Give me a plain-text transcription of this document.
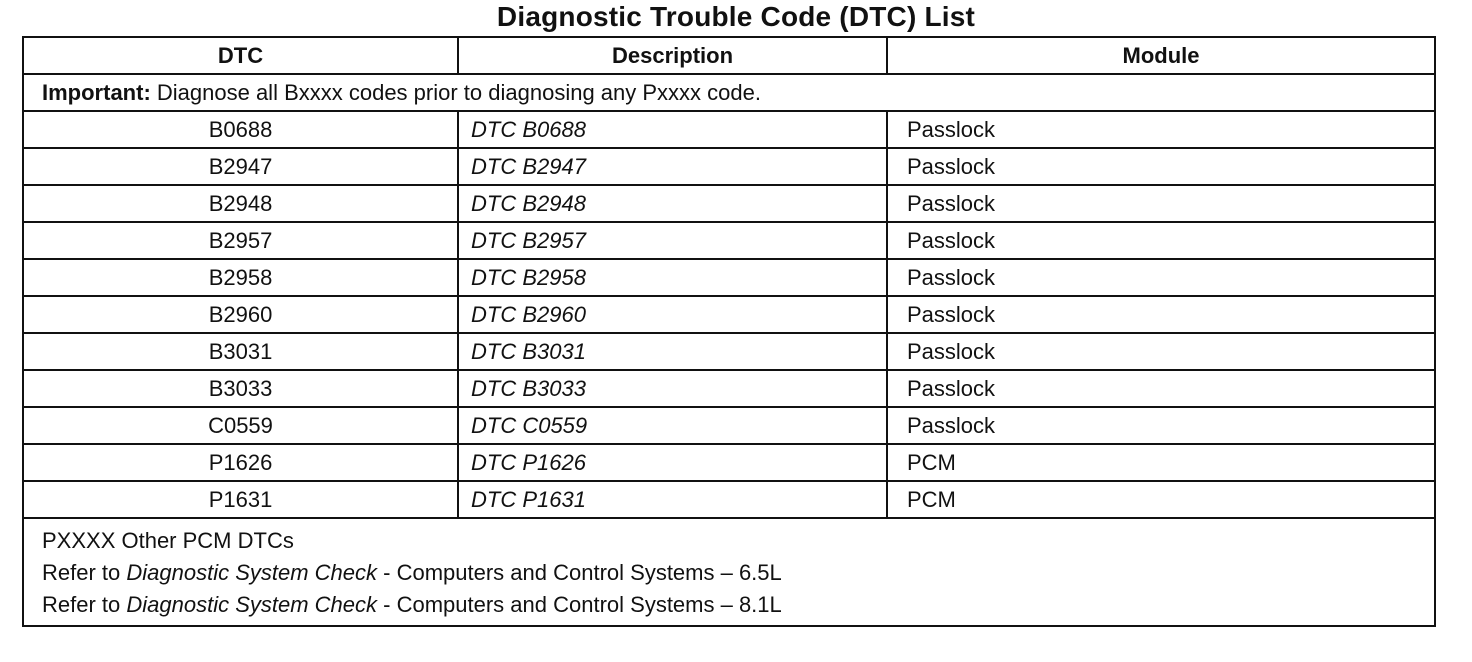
Diagnostic Trouble Code (DTC) List
DTC	Description	Module
Important: Diagnose all Bxxxx codes prior to diagnosing any Pxxxx code.		
B0688	DTC B0688	Passlock
B2947	DTC B2947	Passlock
B2948	DTC B2948	Passlock
B2957	DTC B2957	Passlock
B2958	DTC B2958	Passlock
B2960	DTC B2960	Passlock
B3031	DTC B3031	Passlock
B3033	DTC B3033	Passlock
C0559	DTC C0559	Passlock
P1626	DTC P1626	PCM
P1631	DTC P1631	PCM

PXXXX Other PCM DTCs
Refer to Diagnostic System Check - Computers and Control Systems – 6.5L
Refer to Diagnostic System Check - Computers and Control Systems – 8.1L		
